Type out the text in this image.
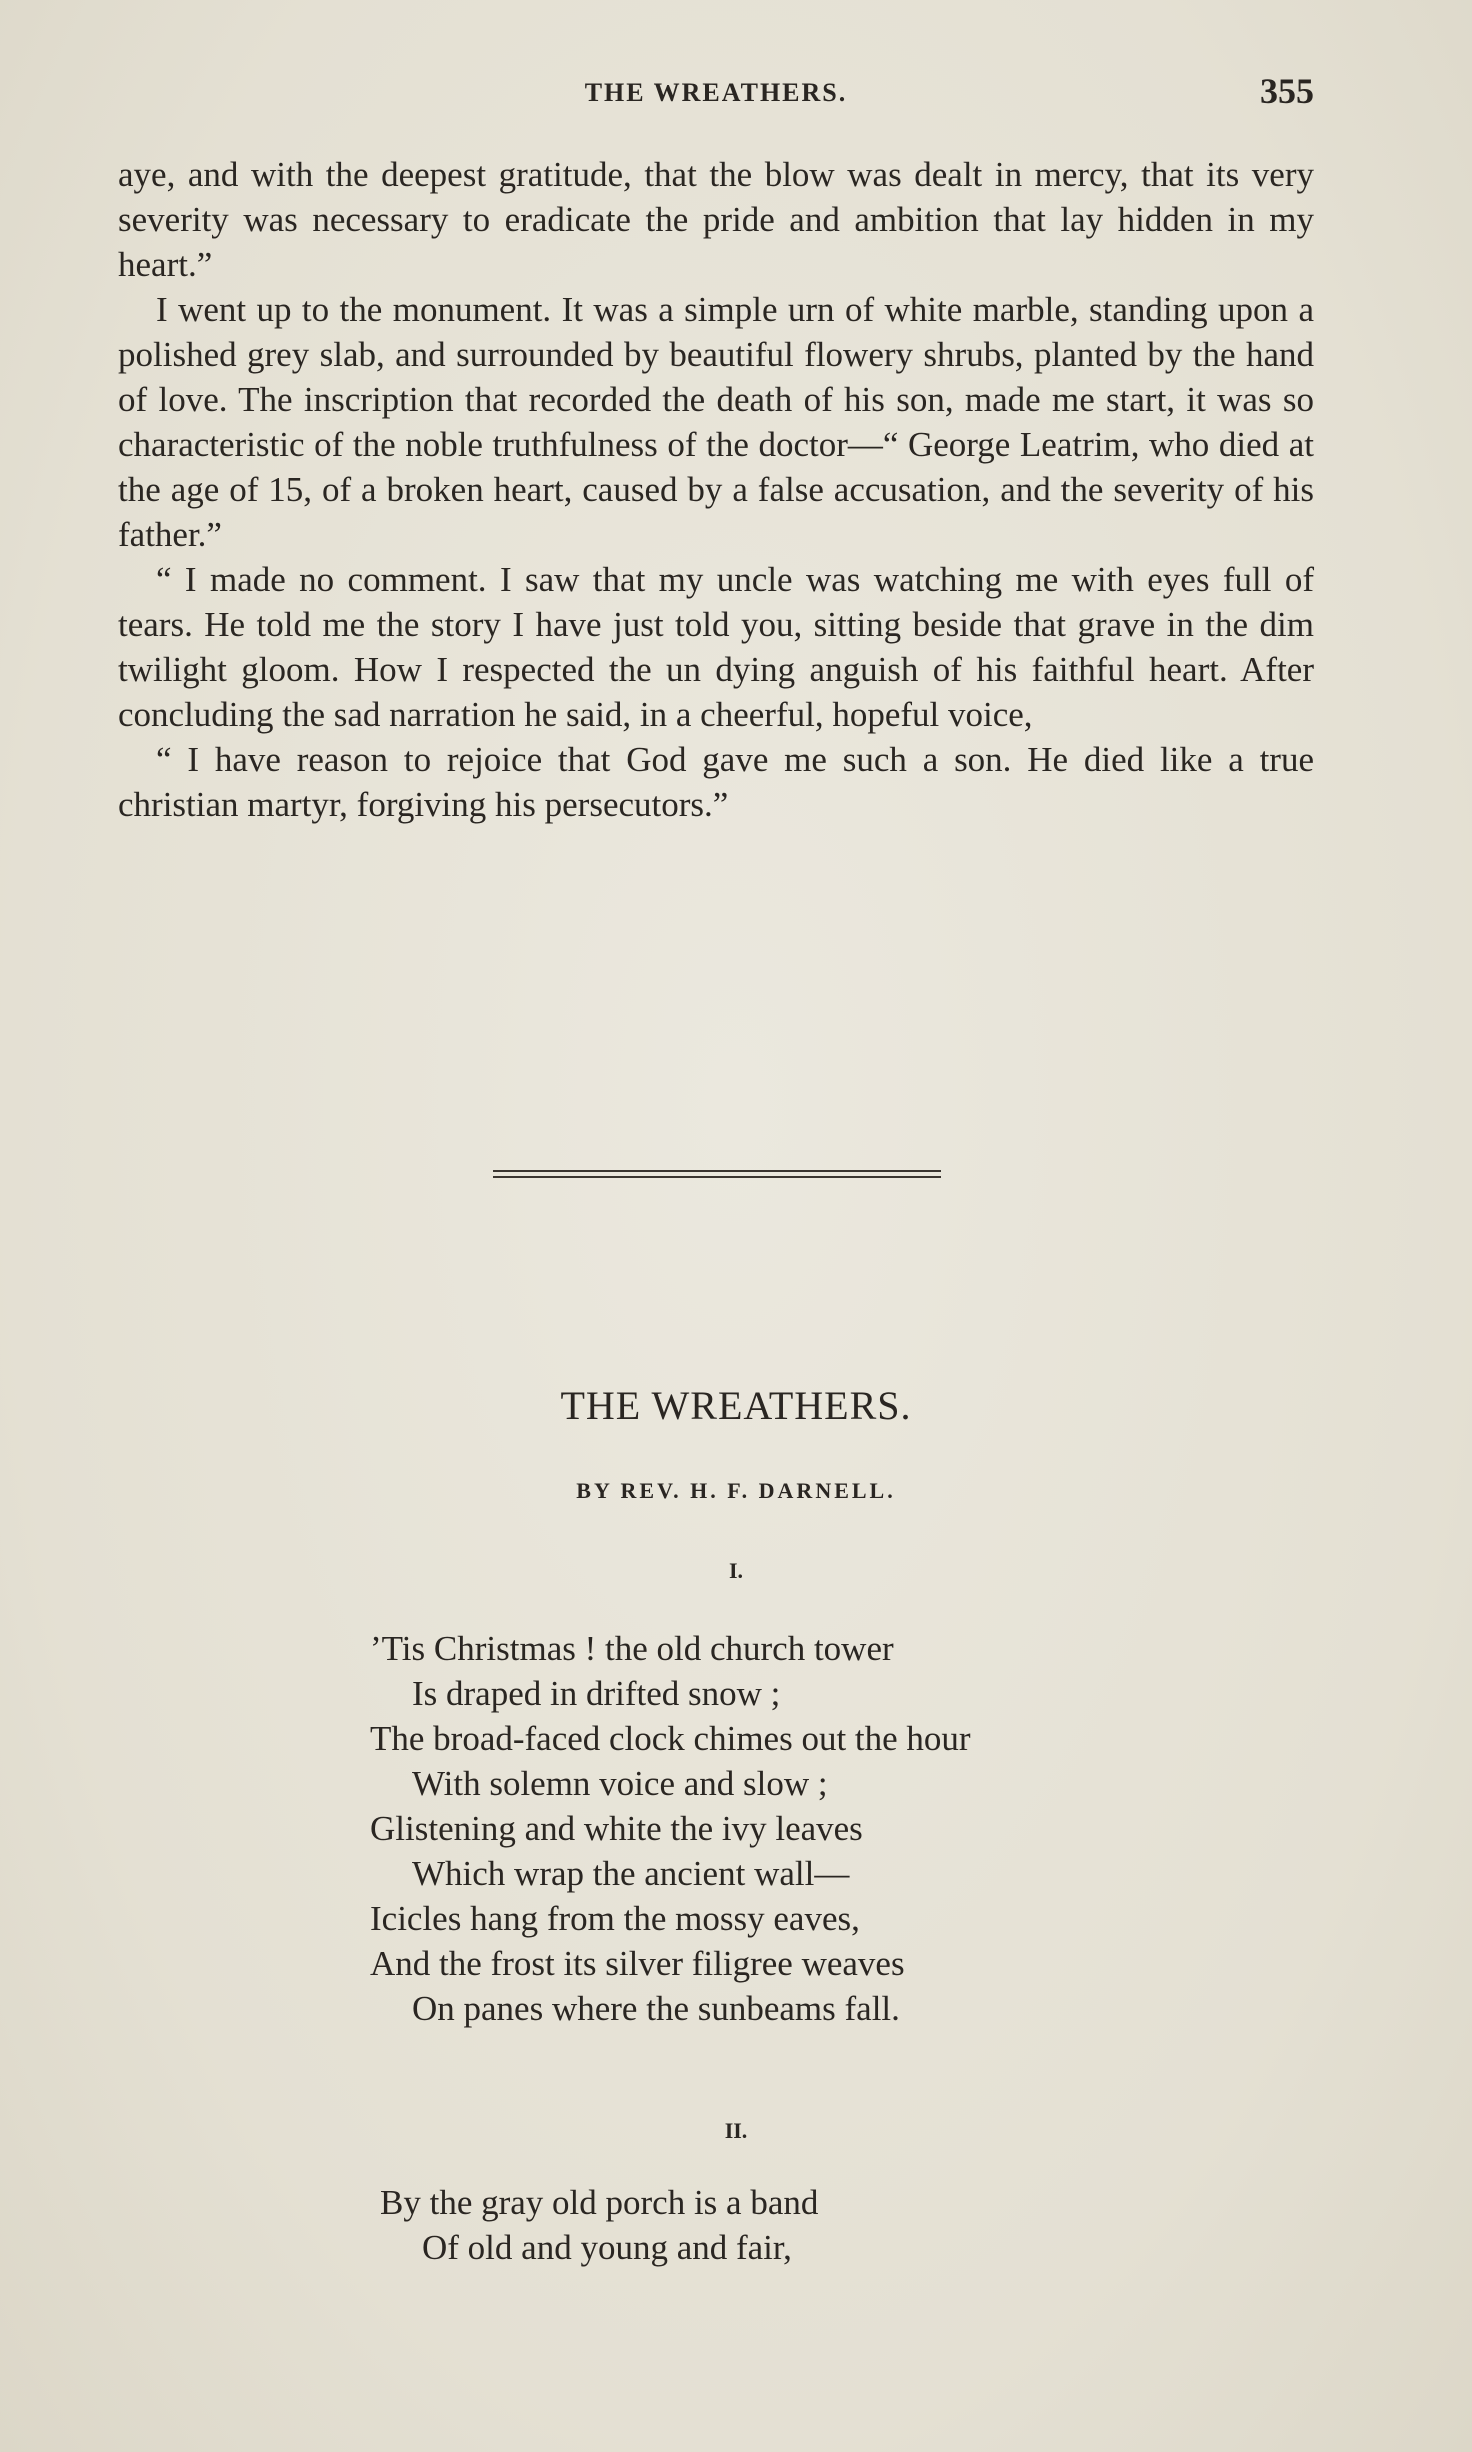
THE WREATHERS.	355

aye, and with the deepest gratitude, that the blow was dealt in mercy, that its very severity was necessary to eradicate the pride and ambition that lay hidden in my heart.”

I went up to the monument. It was a simple urn of white marble, standing upon a polished grey slab, and surrounded by beautiful flowery shrubs, planted by the hand of love. The inscription that recorded the death of his son, made me start, it was so characteristic of the noble truthfulness of the doctor—“ George Leatrim, who died at the age of 15, of a broken heart, caused by a false accusation, and the severity of his father.”

“ I made no comment. I saw that my uncle was watching me with eyes full of tears. He told me the story I have just told you, sitting beside that grave in the dim twilight gloom. How I respected the un dying anguish of his faithful heart. After concluding the sad narration he said, in a cheerful, hopeful voice,

“ I have reason to rejoice that God gave me such a son. He died like a true christian martyr, forgiving his persecutors.”

THE WREATHERS.
BY REV. H. F. DARNELL.
I.
’Tis Christmas ! the old church tower
Is draped in drifted snow ;
The broad-faced clock chimes out the hour
With solemn voice and slow ;
Glistening and white the ivy leaves
Which wrap the ancient wall—
Icicles hang from the mossy eaves,
And the frost its silver filigree weaves
On panes where the sunbeams fall.
II.
By the gray old porch is a band
Of old and young and fair,
